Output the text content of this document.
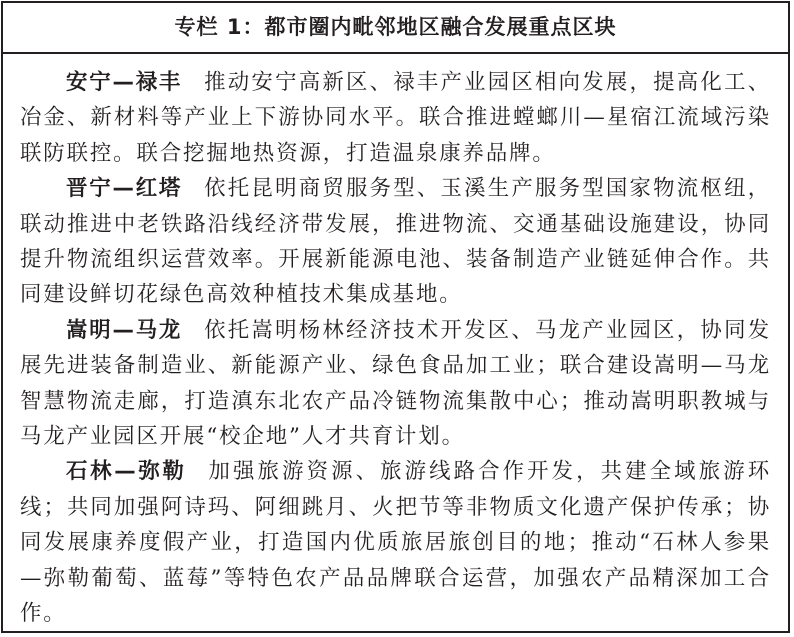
专栏 1：都市圈内毗邻地区融合发展重点区块

安宁—禄丰 推动安宁高新区、禄丰产业园区相向发展，提高化工、冶金、新材料等产业上下游协同水平。联合推进螳螂川—星宿江流域污染联防联控。联合挖掘地热资源，打造温泉康养品牌。

晋宁—红塔 依托昆明商贸服务型、玉溪生产服务型国家物流枢纽，联动推进中老铁路沿线经济带发展，推进物流、交通基础设施建设，协同提升物流组织运营效率。开展新能源电池、装备制造产业链延伸合作。共同建设鲜切花绿色高效种植技术集成基地。

嵩明—马龙 依托嵩明杨林经济技术开发区、马龙产业园区，协同发展先进装备制造业、新能源产业、绿色食品加工业；联合建设嵩明—马龙智慧物流走廊，打造滇东北农产品冷链物流集散中心；推动嵩明职教城与马龙产业园区开展“校企地”人才共育计划。

石林—弥勒 加强旅游资源、旅游线路合作开发，共建全域旅游环线；共同加强阿诗玛、阿细跳月、火把节等非物质文化遗产保护传承；协同发展康养度假产业，打造国内优质旅居旅创目的地；推动“石林人参果—弥勒葡萄、蓝莓”等特色农产品品牌联合运营，加强农产品精深加工合作。
